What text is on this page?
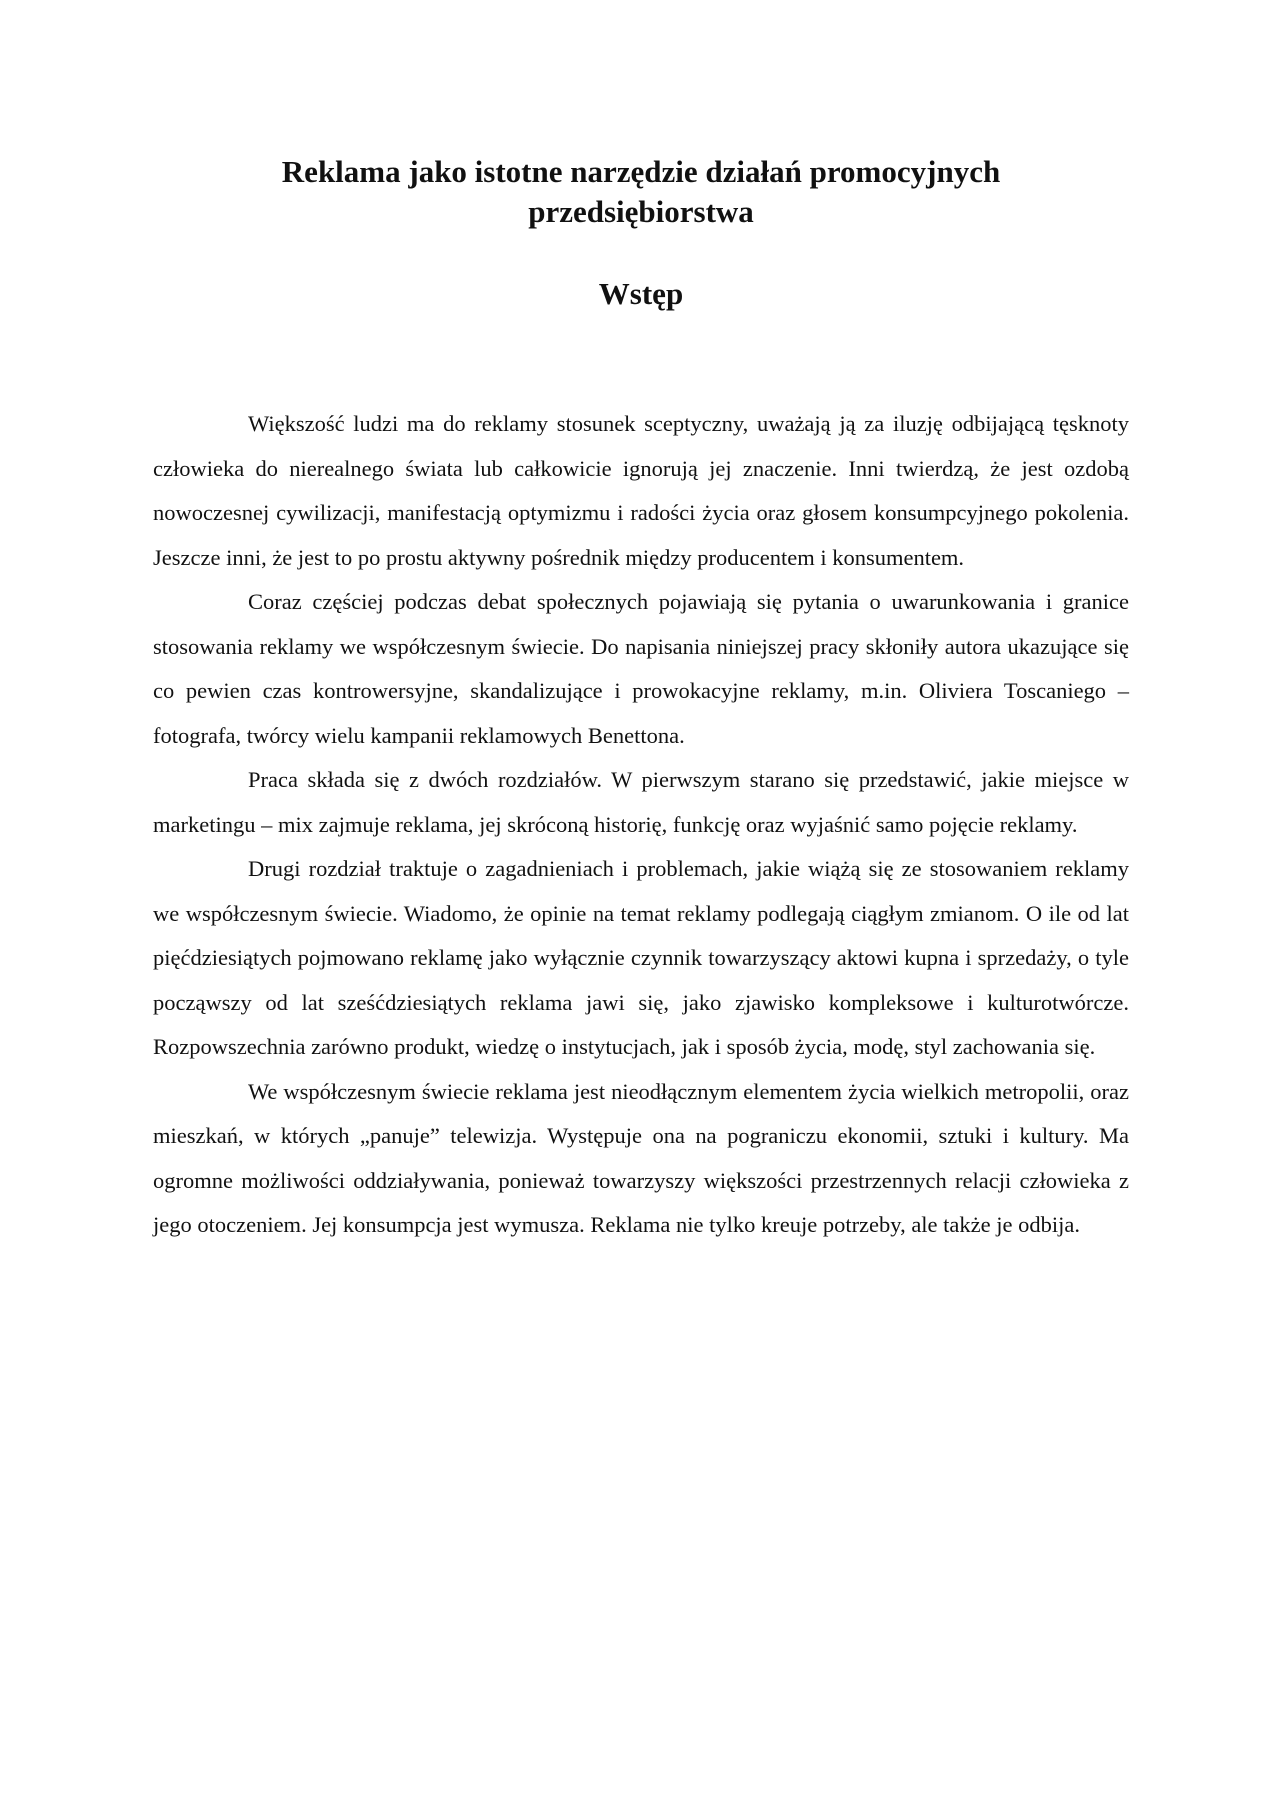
Reklama jako istotne narzędzie działań promocyjnych
przedsiębiorstwa
Wstęp

Większość ludzi ma do reklamy stosunek sceptyczny, uważają ją za iluzję odbijającą tęsknoty człowieka do nierealnego świata lub całkowicie ignorują jej znaczenie. Inni twierdzą, że jest ozdobą nowoczesnej cywilizacji, manifestacją optymizmu i radości życia oraz głosem konsumpcyjnego pokolenia. Jeszcze inni, że jest to po prostu aktywny pośrednik między producentem i konsumentem.

Coraz częściej podczas debat społecznych pojawiają się pytania o uwarunkowania i granice stosowania reklamy we współczesnym świecie. Do napisania niniejszej pracy skłoniły autora ukazujące się co pewien czas kontrowersyjne, skandalizujące i prowokacyjne reklamy, m.in. Oliviera Toscaniego – fotografa, twórcy wielu kampanii reklamowych Benettona.

Praca składa się z dwóch rozdziałów. W pierwszym starano się przedstawić, jakie miejsce w marketingu – mix zajmuje reklama, jej skróconą historię, funkcję oraz wyjaśnić samo pojęcie reklamy.

Drugi rozdział traktuje o zagadnieniach i problemach, jakie wiążą się ze stosowaniem reklamy we współczesnym świecie. Wiadomo, że opinie na temat reklamy podlegają ciągłym zmianom. O ile od lat pięćdziesiątych pojmowano reklamę jako wyłącznie czynnik towarzyszący aktowi kupna i sprzedaży, o tyle począwszy od lat sześćdziesiątych reklama jawi się, jako zjawisko kompleksowe i kulturotwórcze. Rozpowszechnia zarówno produkt, wiedzę o instytucjach, jak i sposób życia, modę, styl zachowania się.

We współczesnym świecie reklama jest nieodłącznym elementem życia wielkich metropolii, oraz mieszkań, w których „panuje” telewizja. Występuje ona na pograniczu ekonomii, sztuki i kultury. Ma ogromne możliwości oddziaływania, ponieważ towarzyszy większości przestrzennych relacji człowieka z jego otoczeniem. Jej konsumpcja jest wymusza. Reklama nie tylko kreuje potrzeby, ale także je odbija.
